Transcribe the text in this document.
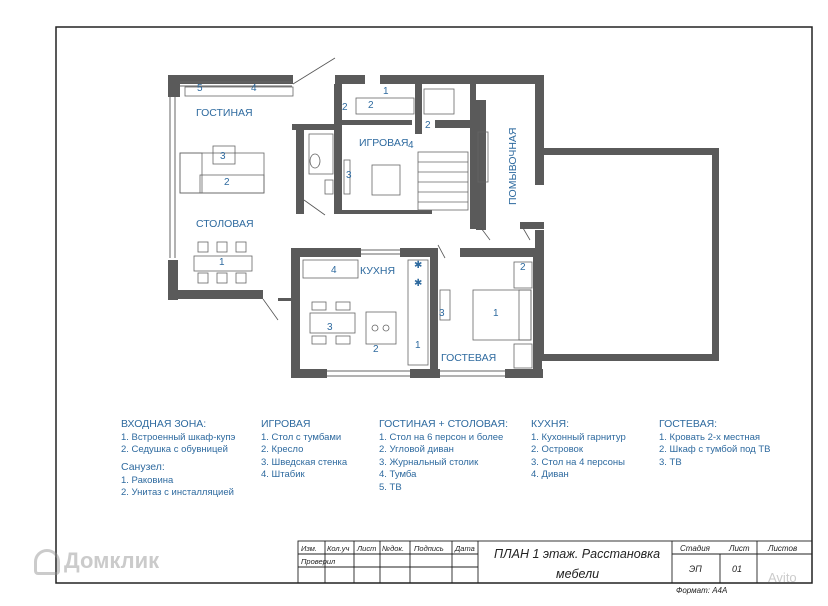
✱
✱
ГОСТИНАЯ
СТОЛОВАЯ
ИГРОВАЯ	ПОМЫВОЧНАЯ
КУХНЯ
ГОСТЕВАЯ
5	4
3
2
1
2
1
2
4
3
2
4
3
2	1
3
2
1
Изм. Кол.уч Лист №док. Подпись Дата
Проверил
ПЛАН 1 этаж. Расстановка
мебели
Стадия Лист Листов
ЭП	01
Формат: А4А
ВХОДНАЯ ЗОНА:
1. Встроенный шкаф-купэ
2. Седушка с обувницей
Санузел:
1. Раковина
2. Унитаз с инсталляцией
ИГРОВАЯ
1. Стол с тумбами
2. Кресло
3. Шведская стенка
4. Штабик
ГОСТИНАЯ + СТОЛОВАЯ:
1. Стол на 6 персон и более
2. Угловой диван
3. Журнальный столик
4. Тумба
5. ТВ
КУХНЯ:
1. Кухонный гарнитур
2. Островок
3. Стол на 4 персоны
4. Диван
ГОСТЕВАЯ:
1. Кровать 2-х местная
2. Шкаф с тумбой под ТВ
3. ТВ
Домклик
Avito
